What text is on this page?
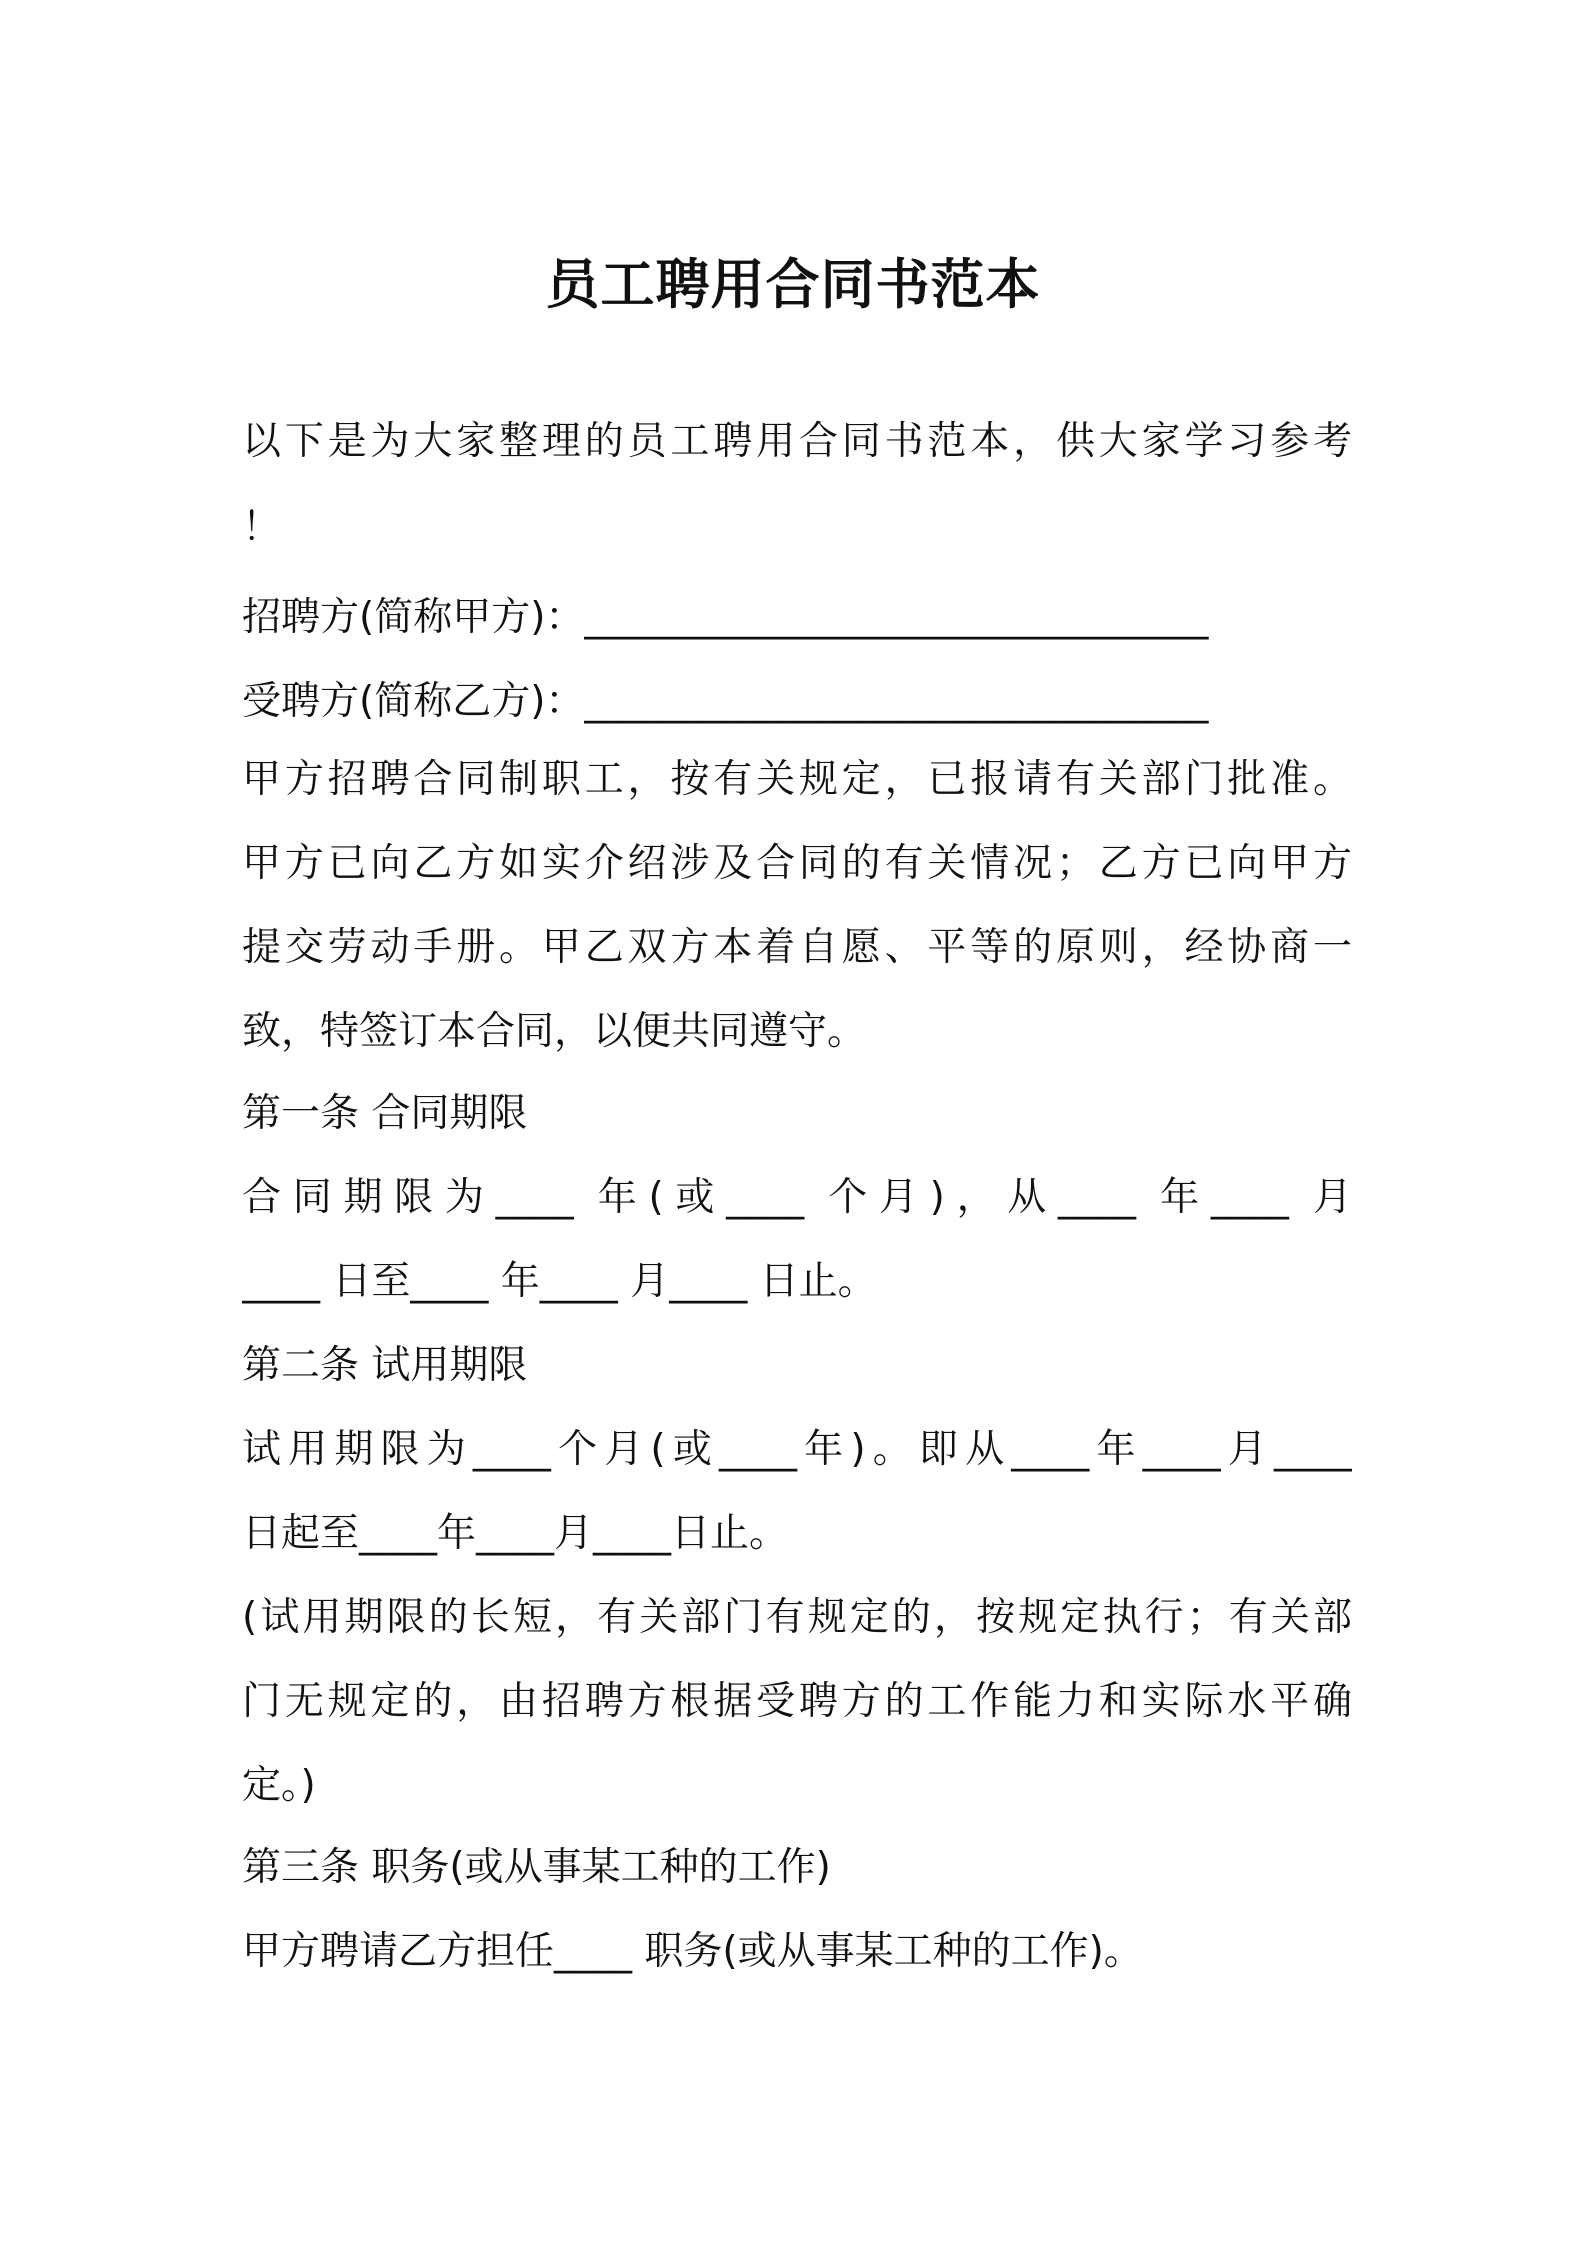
员工聘用合同书范本
以下是为大家整理的员工聘用合同书范本，供大家学习参考
！
招聘方(简称甲方)：________________________________
受聘方(简称乙方)：________________________________
甲方招聘合同制职工，按有关规定，已报请有关部门批准。
甲方已向乙方如实介绍涉及合同的有关情况；乙方已向甲方
提交劳动手册。甲乙双方本着自愿、平等的原则，经协商一
致，特签订本合同，以便共同遵守。
第一条 合同期限
合同期限为____ 年(或____ 个月)，从____ 年____ 月
____ 日至____ 年____ 月____ 日止。
第二条 试用期限
试用期限为____个月(或____年)。即从____年____月____
日起至____年____月____日止。
(试用期限的长短，有关部门有规定的，按规定执行；有关部
门无规定的，由招聘方根据受聘方的工作能力和实际水平确
定。)
第三条 职务(或从事某工种的工作)
甲方聘请乙方担任____ 职务(或从事某工种的工作)。
